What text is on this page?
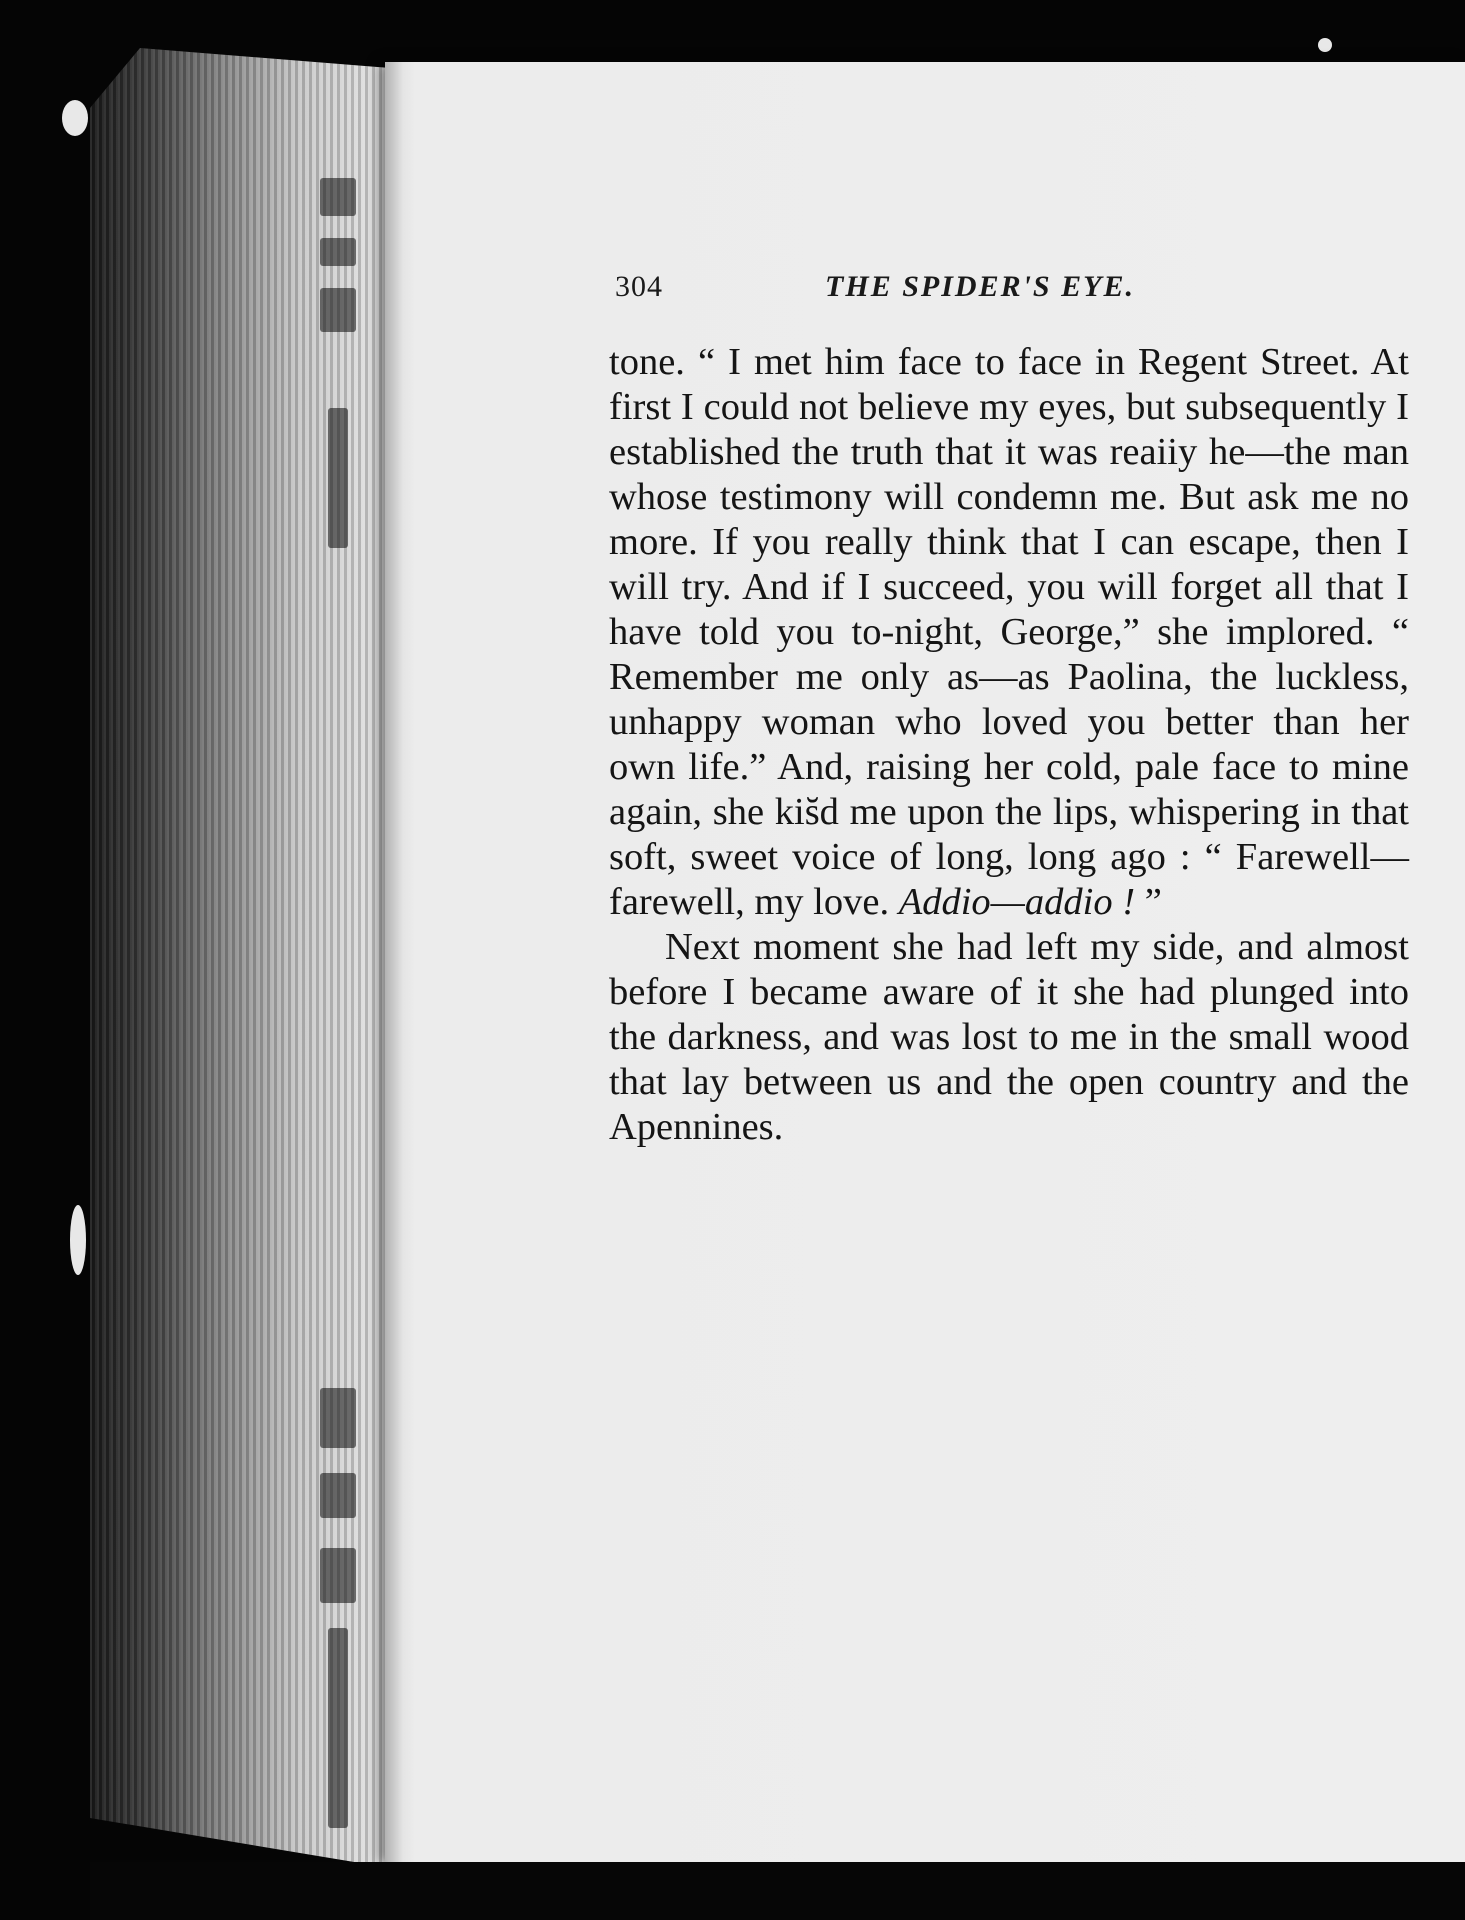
304	THE SPIDER'S EYE.

tone. “ I met him face to face in Regent Street. At first I could not believe my eyes, but subsequently I established the truth that it was reaiiy he—the man whose testimony will condemn me. But ask me no more. If you really think that I can escape, then I will try. And if I succeed, you will forget all that I have told you to-night, George,” she implored. “ Remember me only as—as Paolina, the luckless, unhappy woman who loved you better than her own life.” And, raising her cold, pale face to mine again, she kis̆̆d me upon the lips, whispering in that soft, sweet voice of long, long ago : “ Farewell—farewell, my love. Addio—addio ! ”

Next moment she had left my side, and almost before I became aware of it she had plunged into the darkness, and was lost to me in the small wood that lay between us and the open country and the Apennines.
